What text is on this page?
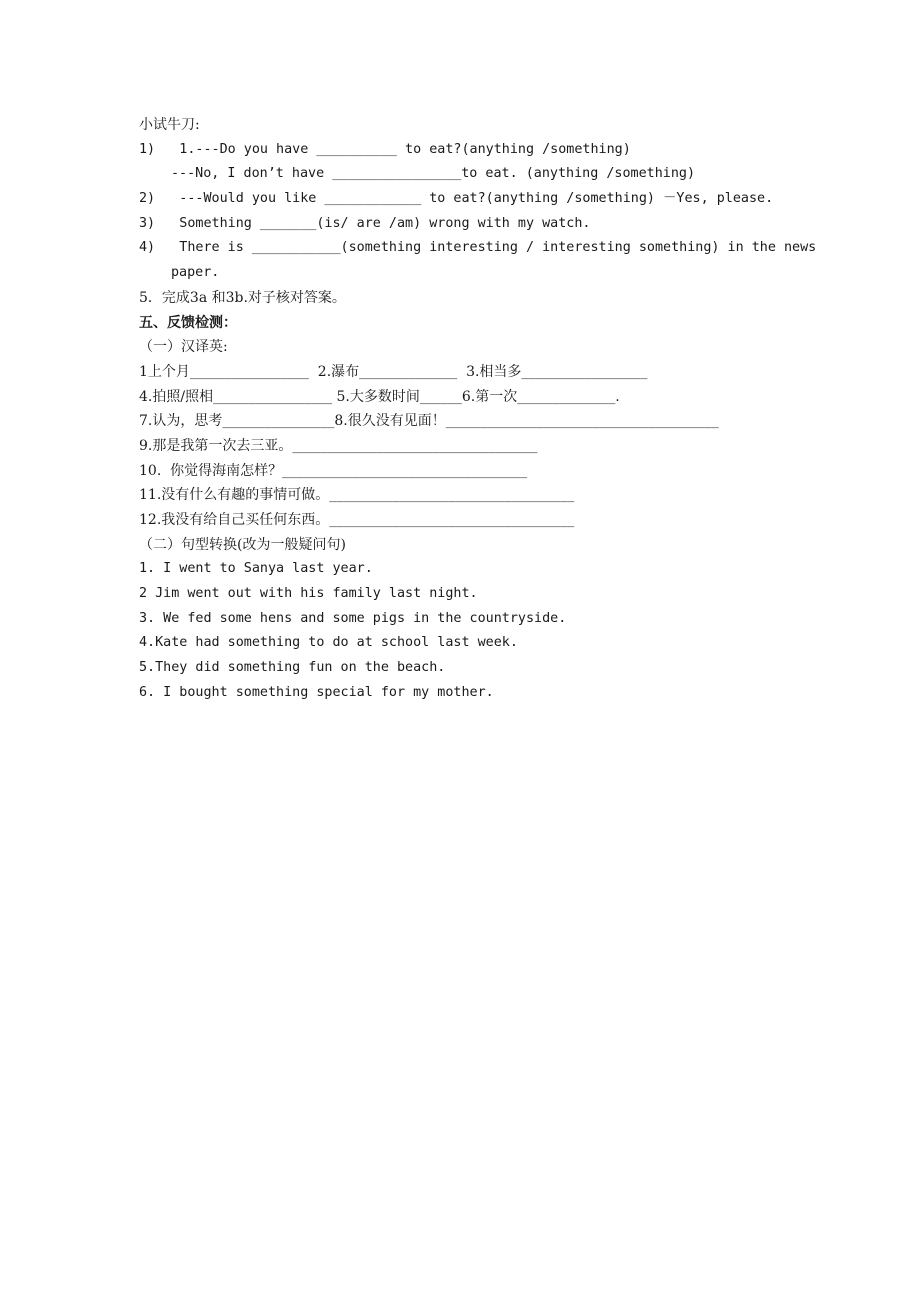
小试牛刀:
1)   1.---Do you have __________ to eat?(anything /something)
---No, I don’t have ________________to eat. (anything /something)
2)   ---Would you like ____________ to eat?(anything /something) －Yes, please.
3)   Something _______(is/ are /am) wrong with my watch.
4)   There is ___________(something interesting / interesting something) in the news
paper.
5．完成3a 和3b.对子核对答案。
五、反馈检测：
（一）汉译英:
1上个月_________________  2.瀑布______________  3.相当多__________________
4.拍照/照相_________________ 5.大多数时间______6.第一次______________.
7.认为，思考________________8.很久没有见面！_______________________________________
9.那是我第一次去三亚。___________________________________
10.  你觉得海南怎样？___________________________________
11.没有什么有趣的事情可做。___________________________________
12.我没有给自己买任何东西。___________________________________
（二）句型转换(改为一般疑问句)
1. I went to Sanya last year.
2 Jim went out with his family last night.
3. We fed some hens and some pigs in the countryside.
4.Kate had something to do at school last week.
5.They did something fun on the beach.
6. I bought something special for my mother.
